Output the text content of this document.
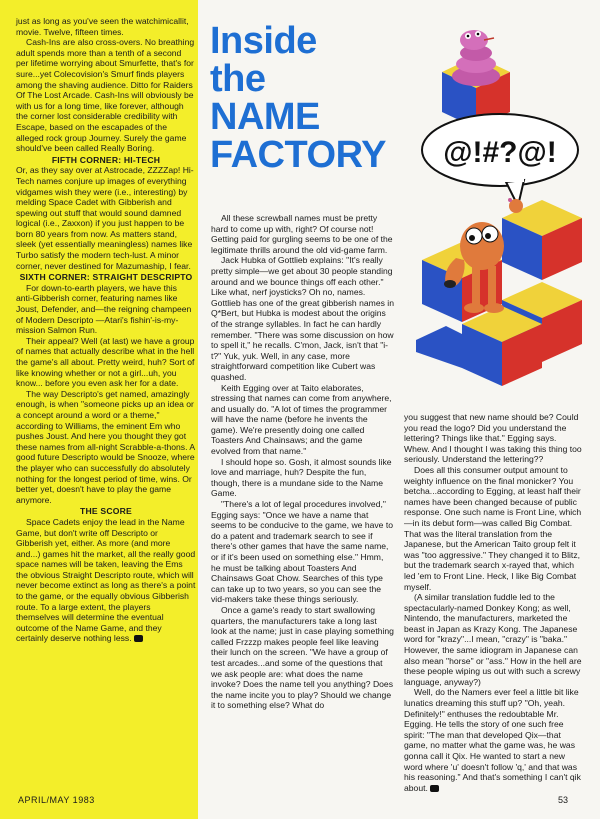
just as long as you've seen the watchimicallit, movie. Twelve, fifteen times.

Cash-Ins are also cross-overs. No breathing adult spends more than a tenth of a second per lifetime worrying about Smurfette, that's for sure...yet Colecovision's Smurf finds players among the shaving audience. Ditto for Raiders Of The Lost Arcade. Cash-Ins will obviously be with us for a long time, like forever, although the corner lost considerable credibility with Escape, based on the escapades of the alleged rock group Journey. Surely the game should've been called Really Boring.

FIFTH CORNER: HI-TECH

Or, as they say over at Astrocade, ZZZZap! Hi-Tech names conjure up images of everything vidgames wish they were (i.e., interesting) by melding Space Cadet with Gibberish and spewing out stuff that would sound damned logical (i.e., Zaxxon) if you just happen to be born 80 years from now. As matters stand, sleek (yet essentially meaningless) names like Turbo satisfy the modern tech-lust. A minor corner, never destined for Mazumaship, I fear.

SIXTH CORNER: STRAIGHT DESCRIPTO

For down-to-earth players, we have this anti-Gibberish corner, featuring names like Joust, Defender, and—the reigning champeen of Modern Descripto —Atari's fishin'-is-my-mission Salmon Run.

Their appeal? Well (at last) we have a group of names that actually describe what in the hell the game's all about. Pretty weird, huh? Sort of like knowing whether or not a girl...uh, you know... before you even ask her for a date.

The way Descripto's get named, amazingly enough, is when "someone picks up an idea or a concept around a word or a theme," according to Williams, the eminent Em who pushes Joust. And here you thought they got these names from all-night Scrabble-a-thons. A good future Descripto would be Snooze, where the player who can successfully do absolutely nothing for the longest period of time, wins. Or better yet, doesn't have to play the game anymore.

THE SCORE

Space Cadets enjoy the lead in the Name Game, but don't write off Descripto or Gibberish yet, either. As more (and more and...) games hit the market, all the really good space names will be taken, leaving the Ems the obvious Straight Descripto route, which will never become extinct as long as there's a point to the game, or the equally obvious Gibberish route. To a large extent, the players themselves will determine the eventual outcome of the Name Game, and they certainly deserve nothing less.

Inside
the
NAME
FACTORY

All these screwball names must be pretty hard to come up with, right? Of course not! Getting paid for gurgling seems to be one of the legitimate thrills around the old vid-game farm.

Jack Hubka of Gottlieb explains: "It's really pretty simple—we get about 30 people standing around and we bounce things off each other." Like what, nerf joysticks? Oh no, names. Gottlieb has one of the great gibberish names in Q*Bert, but Hubka is modest about the origins of the strange syllables. In fact he can hardly remember. "There was some discussion on how to spell it," he recalls. C'mon, Jack, isn't that "i-t?" Yuk, yuk. Well, in any case, more straightforward competition like Cubert was quashed.

Keith Egging over at Taito elaborates, stressing that names can come from anywhere, and usually do. "A lot of times the programmer will have the name (before he invents the game). We're presently doing one called Toasters And Chainsaws; and the game evolved from that name."

I should hope so. Gosh, it almost sounds like love and marriage, huh? Despite the fun, though, there is a mundane side to the Name Game.

"There's a lot of legal procedures involved," Egging says: "Once we have a name that seems to be conducive to the game, we have to do a patent and trademark search to see if there's other games that have the same name, or if it's been used on something else." Hmm, he must be talking about Toasters And Chainsaws Goat Chow. Searches of this type can take up to two years, so you can see the vid-makers take these things seriously.

Once a game's ready to start swallowing quarters, the manufacturers take a long last look at the name; just in case playing something called Frzzzp makes people feel like leaving their lunch on the screen. "We have a group of test arcades...and some of the questions that we ask people are: what does the name invoke? Does the name tell you anything? Does the name incite you to play? Should we change it to something else? What do

you suggest that new name should be? Could you read the logo? Did you understand the lettering? Things like that." Egging says. Whew. And I thought I was taking this thing too seriously. Understand the lettering??

Does all this consumer output amount to weighty influence on the final monicker? You betcha...according to Egging, at least half their names have been changed because of public response. One such name is Front Line, which—in its debut form—was called Big Combat. That was the literal translation from the Japanese, but the American Taito group felt it was "too aggressive." They changed it to Blitz, but the trademark search x-rayed that, which led 'em to Front Line. Heck, I like Big Combat myself.

(A similar translation fuddle led to the spectacularly-named Donkey Kong; as well, Nintendo, the manufacturers, marketed the beast in Japan as Krazy Kong. The Japanese word for "krazy"...I mean, "crazy" is "baka." However, the same idiogram in Japanese can also mean "horse" or "ass." How in the hell are these people wiping us out with such a screwy language, anyway?)

Well, do the Namers ever feel a little bit like lunatics dreaming this stuff up? "Oh, yeah. Definitely!" enthuses the redoubtable Mr. Egging. He tells the story of one such free spirit: "The man that developed Qix—that game, no matter what the game was, he was gonna call it Qix. He wanted to start a new word where 'u' doesn't follow 'q,' and that was his reasoning." And that's something I can't qik about.

@!#?@!
APRIL/MAY 1983	53
